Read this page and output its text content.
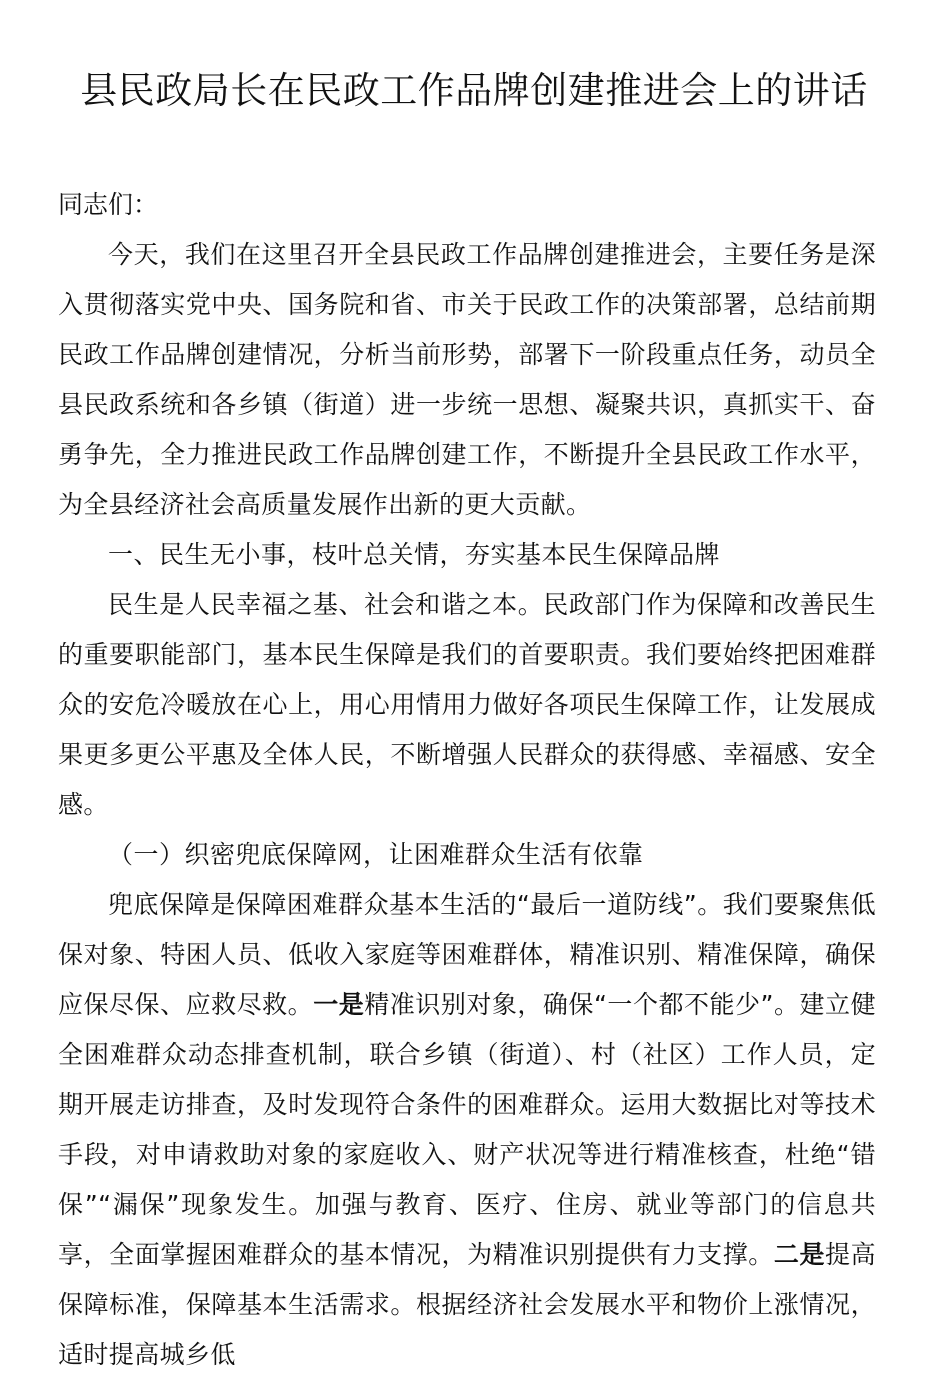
县民政局长在民政工作品牌创建推进会上的讲话

同志们：

今天，我们在这里召开全县民政工作品牌创建推进会，主要任务是深入贯彻落实党中央、国务院和省、市关于民政工作的决策部署，总结前期民政工作品牌创建情况，分析当前形势，部署下一阶段重点任务，动员全县民政系统和各乡镇（街道）进一步统一思想、凝聚共识，真抓实干、奋勇争先，全力推进民政工作品牌创建工作，不断提升全县民政工作水平，为全县经济社会高质量发展作出新的更大贡献。

一、民生无小事，枝叶总关情，夯实基本民生保障品牌

民生是人民幸福之基、社会和谐之本。民政部门作为保障和改善民生的重要职能部门，基本民生保障是我们的首要职责。我们要始终把困难群众的安危冷暖放在心上，用心用情用力做好各项民生保障工作，让发展成果更多更公平惠及全体人民，不断增强人民群众的获得感、幸福感、安全感。

（一）织密兜底保障网，让困难群众生活有依靠

兜底保障是保障困难群众基本生活的“最后一道防线”。我们要聚焦低保对象、特困人员、低收入家庭等困难群体，精准识别、精准保障，确保应保尽保、应救尽救。一是精准识别对象，确保“一个都不能少”。建立健全困难群众动态排查机制，联合乡镇（街道）、村（社区）工作人员，定期开展走访排查，及时发现符合条件的困难群众。运用大数据比对等技术手段，对申请救助对象的家庭收入、财产状况等进行精准核查，杜绝“错保”“漏保”现象发生。加强与教育、医疗、住房、就业等部门的信息共享，全面掌握困难群众的基本情况，为精准识别提供有力支撑。二是提高保障标准，保障基本生活需求。根据经济社会发展水平和物价上涨情况，适时提高城乡低
